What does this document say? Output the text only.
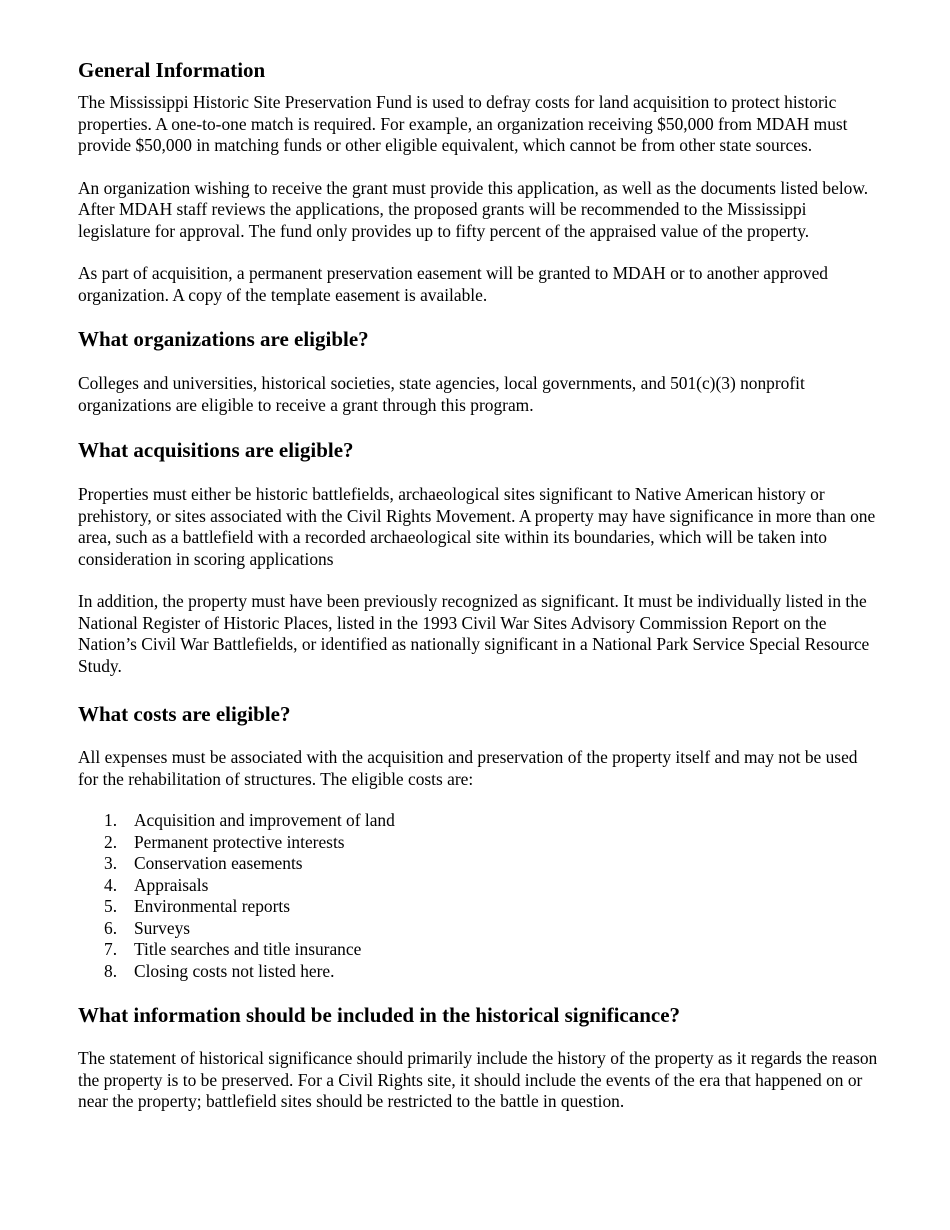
General Information

The Mississippi Historic Site Preservation Fund is used to defray costs for land acquisition to protect historic properties. A one-to-one match is required. For example, an organization receiving $50,000 from MDAH must provide $50,000 in matching funds or other eligible equivalent, which cannot be from other state sources.

An organization wishing to receive the grant must provide this application, as well as the documents listed below. After MDAH staff reviews the applications, the proposed grants will be recommended to the Mississippi legislature for approval. The fund only provides up to fifty percent of the appraised value of the property.

As part of acquisition, a permanent preservation easement will be granted to MDAH or to another approved organization. A copy of the template easement is available.

What organizations are eligible?

Colleges and universities, historical societies, state agencies, local governments, and 501(c)(3) nonprofit organizations are eligible to receive a grant through this program.

What acquisitions are eligible?

Properties must either be historic battlefields, archaeological sites significant to Native American history or prehistory, or sites associated with the Civil Rights Movement. A property may have significance in more than one area, such as a battlefield with a recorded archaeological site within its boundaries, which will be taken into consideration in scoring applications

In addition, the property must have been previously recognized as significant. It must be individually listed in the National Register of Historic Places, listed in the 1993 Civil War Sites Advisory Commission Report on the Nation’s Civil War Battlefields, or identified as nationally significant in a National Park Service Special Resource Study.

What costs are eligible?

All expenses must be associated with the acquisition and preservation of the property itself and may not be used for the rehabilitation of structures. The eligible costs are:

1. Acquisition and improvement of land
2. Permanent protective interests
3. Conservation easements
4. Appraisals
5. Environmental reports
6. Surveys
7. Title searches and title insurance
8. Closing costs not listed here.
What information should be included in the historical significance?

The statement of historical significance should primarily include the history of the property as it regards the reason the property is to be preserved. For a Civil Rights site, it should include the events of the era that happened on or near the property; battlefield sites should be restricted to the battle in question.
